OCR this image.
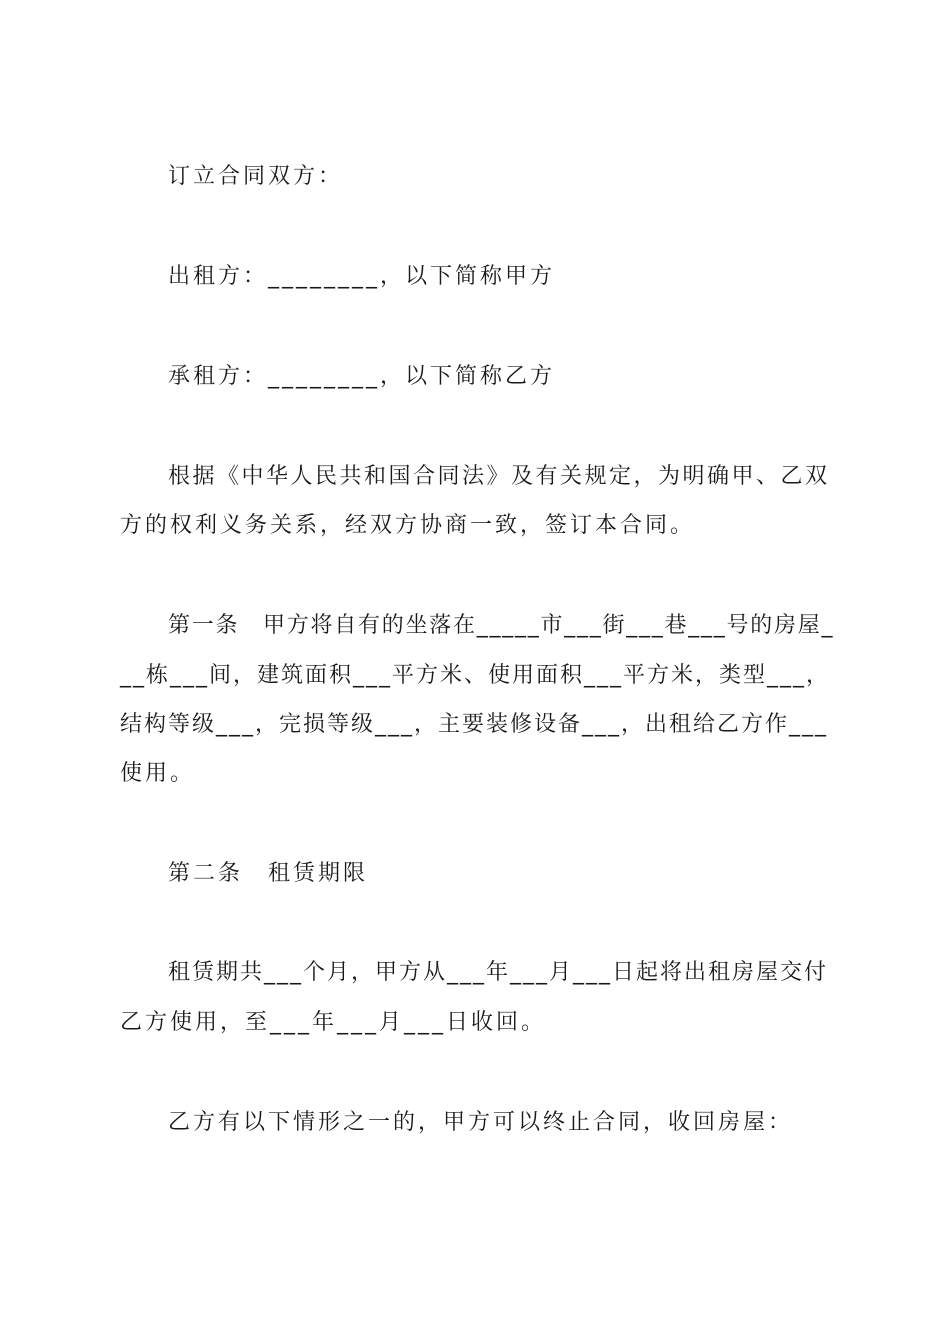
订立合同双方：
出租方：________，以下简称甲方
承租方：________，以下简称乙方
根据《中华人民共和国合同法》及有关规定，为明确甲、乙双
方的权利义务关系，经双方协商一致，签订本合同。
第一条　甲方将自有的坐落在_____市___街___巷___号的房屋_
__栋___间，建筑面积___平方米、使用面积___平方米，类型___，
结构等级___，完损等级___，主要装修设备___，出租给乙方作___
使用。
第二条　租赁期限
租赁期共___个月，甲方从___年___月___日起将出租房屋交付
乙方使用，至___年___月___日收回。
乙方有以下情形之一的，甲方可以终止合同，收回房屋：
